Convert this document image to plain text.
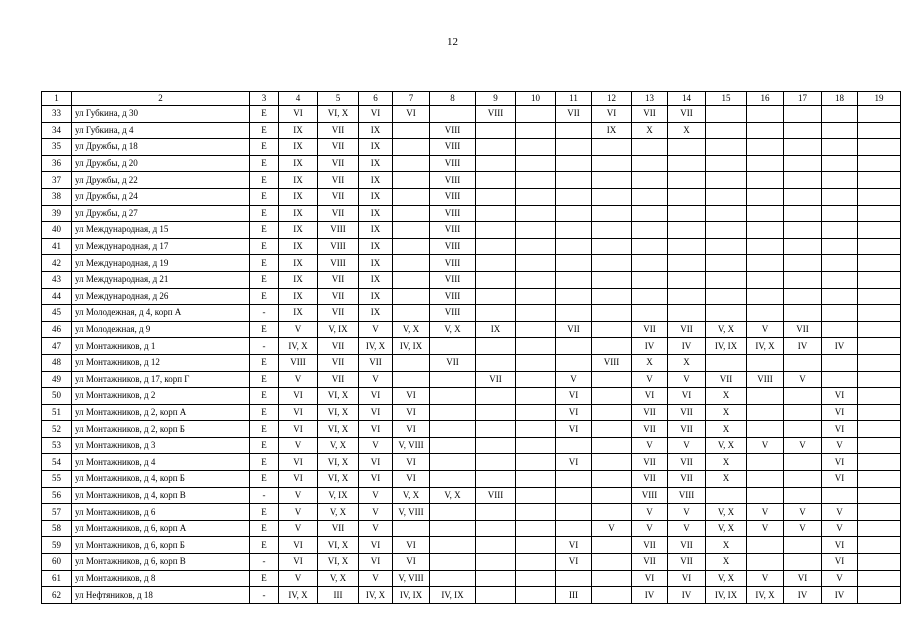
12
1	2	3	4	5	6	7	8	9	10	11	12	13	14	15	16	17	18	19
33	ул Губкина, д 30	Е	VI	VI, X	VI	VI		VIII		VII	VI	VII	VII					
34	ул Губкина, д 4	Е	IX	VII	IX		VIII				IX	X	X					
35	ул Дружбы, д 18	Е	IX	VII	IX		VIII											
36	ул Дружбы, д 20	Е	IX	VII	IX		VIII											
37	ул Дружбы, д 22	Е	IX	VII	IX		VIII											
38	ул Дружбы, д 24	Е	IX	VII	IX		VIII											
39	ул Дружбы, д 27	Е	IX	VII	IX		VIII											
40	ул Международная, д 15	Е	IX	VIII	IX		VIII											
41	ул Международная, д 17	Е	IX	VIII	IX		VIII											
42	ул Международная, д 19	Е	IX	VIII	IX		VIII											
43	ул Международная, д 21	Е	IX	VII	IX		VIII											
44	ул Международная, д 26	Е	IX	VII	IX		VIII											
45	ул Молодежная, д 4, корп А	-	IX	VII	IX		VIII											
46	ул Молодежная, д 9	Е	V	V, IX	V	V, X	V, X	IX		VII		VII	VII	V, X	V	VII		
47	ул Монтажников, д 1	-	IV, X	VII	IV, X	IV, IX						IV	IV	IV, IX	IV, X	IV	IV	
48	ул Монтажников, д 12	Е	VIII	VII	VII		VII				VIII	X	X					
49	ул Монтажников, д 17, корп Г	Е	V	VII	V			VII		V		V	V	VII	VIII	V		
50	ул Монтажников, д 2	Е	VI	VI, X	VI	VI				VI		VI	VI	X			VI	
51	ул Монтажников, д 2, корп А	Е	VI	VI, X	VI	VI				VI		VII	VII	X			VI	
52	ул Монтажников, д 2, корп Б	Е	VI	VI, X	VI	VI				VI		VII	VII	X			VI	
53	ул Монтажников, д 3	Е	V	V, X	V	V, VIII						V	V	V, X	V	V	V	
54	ул Монтажников, д 4	Е	VI	VI, X	VI	VI				VI		VII	VII	X			VI	
55	ул Монтажников, д 4, корп Б	Е	VI	VI, X	VI	VI						VII	VII	X			VI	
56	ул Монтажников, д 4, корп В	-	V	V, IX	V	V, X	V, X	VIII				VIII	VIII					
57	ул Монтажников, д 6	Е	V	V, X	V	V, VIII						V	V	V, X	V	V	V	
58	ул Монтажников, д 6, корп А	Е	V	VII	V						V	V	V	V, X	V	V	V	
59	ул Монтажников, д 6, корп Б	Е	VI	VI, X	VI	VI				VI		VII	VII	X			VI	
60	ул Монтажников, д 6, корп В	-	VI	VI, X	VI	VI				VI		VII	VII	X			VI	
61	ул Монтажников, д 8	Е	V	V, X	V	V, VIII						VI	VI	V, X	V	VI	V	
62	ул Нефтяников, д 18	-	IV, X	III	IV, X	IV, IX	IV, IX			III		IV	IV	IV, IX	IV, X	IV	IV	
